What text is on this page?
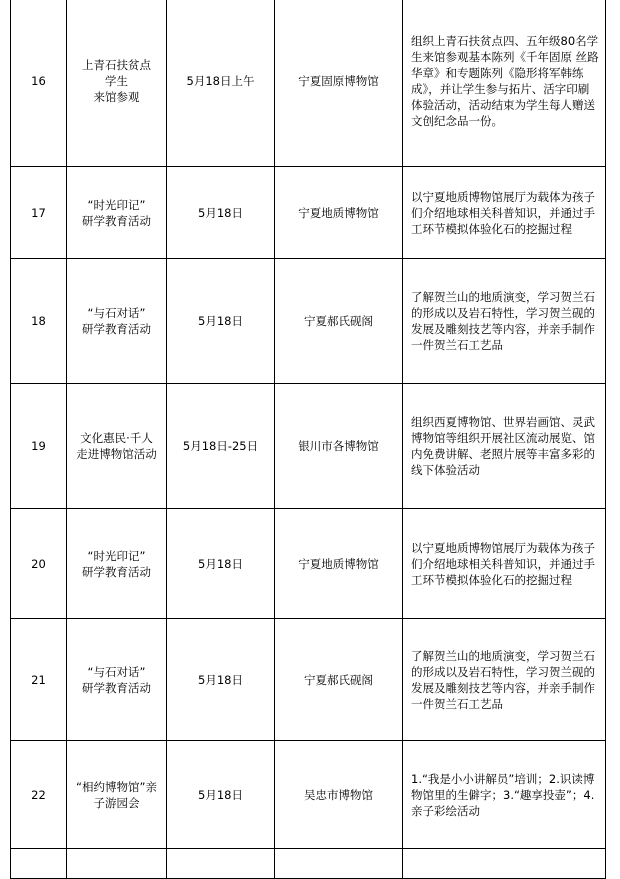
16	上青石扶贫点
学生
来馆参观	5月18日上午	宁夏固原博物馆	组织上青石扶贫点四、五年级80名学生来馆参观基本陈列《千年固原 丝路华章》和专题陈列《隐形将军韩练成》，并让学生参与拓片、活字印刷体验活动，活动结束为学生每人赠送文创纪念品一份。
17	“时光印记”
研学教育活动	5月18日	宁夏地质博物馆	以宁夏地质博物馆展厅为载体为孩子们介绍地球相关科普知识，并通过手工环节模拟体验化石的挖掘过程
18	“与石对话”
研学教育活动	5月18日	宁夏郝氏砚阁	了解贺兰山的地质演变，学习贺兰石的形成以及岩石特性，学习贺兰砚的发展及雕刻技艺等内容，并亲手制作一件贺兰石工艺品
19	文化惠民·千人走进博物馆活动	5月18日-25日	银川市各博物馆	组织西夏博物馆、世界岩画馆、灵武博物馆等组织开展社区流动展览、馆内免费讲解、老照片展等丰富多彩的线下体验活动
20	“时光印记”
研学教育活动	5月18日	宁夏地质博物馆	以宁夏地质博物馆展厅为载体为孩子们介绍地球相关科普知识，并通过手工环节模拟体验化石的挖掘过程
21	“与石对话”
研学教育活动	5月18日	宁夏郝氏砚阁	了解贺兰山的地质演变，学习贺兰石的形成以及岩石特性，学习贺兰砚的发展及雕刻技艺等内容，并亲手制作一件贺兰石工艺品
22	“相约博物馆”亲子游园会	5月18日	吴忠市博物馆	1.“我是小小讲解员”培训；2.识读博物馆里的生僻字；3.“趣享投壶”；4.亲子彩绘活动
